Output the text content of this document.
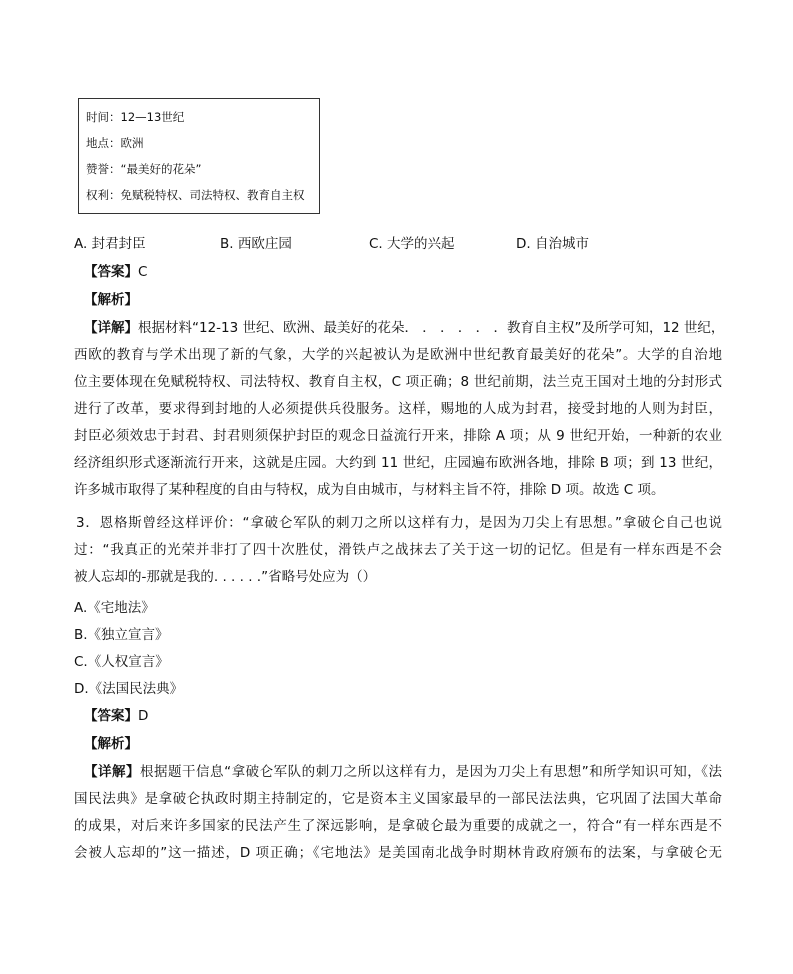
时间：12—13世纪
地点：欧洲
赞誉：“最美好的花朵”
权利：免赋税特权、司法特权、教育自主权
A. 封君封臣	B. 西欧庄园	C. 大学的兴起	D. 自治城市
【答案】C
【解析】
【详解】根据材料“12-13 世纪、欧洲、最美好的花朵． ． ． ． ． ．教育自主权”及所学可知，12 世纪，
西欧的教育与学术出现了新的气象，大学的兴起被认为是欧洲中世纪教育最美好的花朵”。大学的自治地
位主要体现在免赋税特权、司法特权、教育自主权，C 项正确；8 世纪前期，法兰克王国对土地的分封形式
进行了改革，要求得到封地的人必须提供兵役服务。这样，赐地的人成为封君，接受封地的人则为封臣，
封臣必须效忠于封君、封君则须保护封臣的观念日益流行开来，排除 A 项；从 9 世纪开始，一种新的农业
经济组织形式逐渐流行开来，这就是庄园。大约到 11 世纪，庄园遍布欧洲各地，排除 B 项；到 13 世纪，
许多城市取得了某种程度的自由与特权，成为自由城市，与材料主旨不符，排除 D 项。故选 C 项。
3．恩格斯曾经这样评价：“拿破仑军队的刺刀之所以这样有力，是因为刀尖上有思想。”拿破仑自己也说
过：“我真正的光荣并非打了四十次胜仗，滑铁卢之战抹去了关于这一切的记忆。但是有一样东西是不会
被人忘却的-那就是我的. . . . . .”省略号处应为（）
A.《宅地法》
B.《独立宣言》
C.《人权宣言》
D.《法国民法典》
【答案】D
【解析】
【详解】根据题干信息“拿破仑军队的刺刀之所以这样有力，是因为刀尖上有思想”和所学知识可知，《法
国民法典》是拿破仑执政时期主持制定的，它是资本主义国家最早的一部民法法典，它巩固了法国大革命
的成果，对后来许多国家的民法产生了深远影响，是拿破仑最为重要的成就之一，符合“有一样东西是不
会被人忘却的”这一描述，D 项正确；《宅地法》是美国南北战争时期林肯政府颁布的法案，与拿破仑无
